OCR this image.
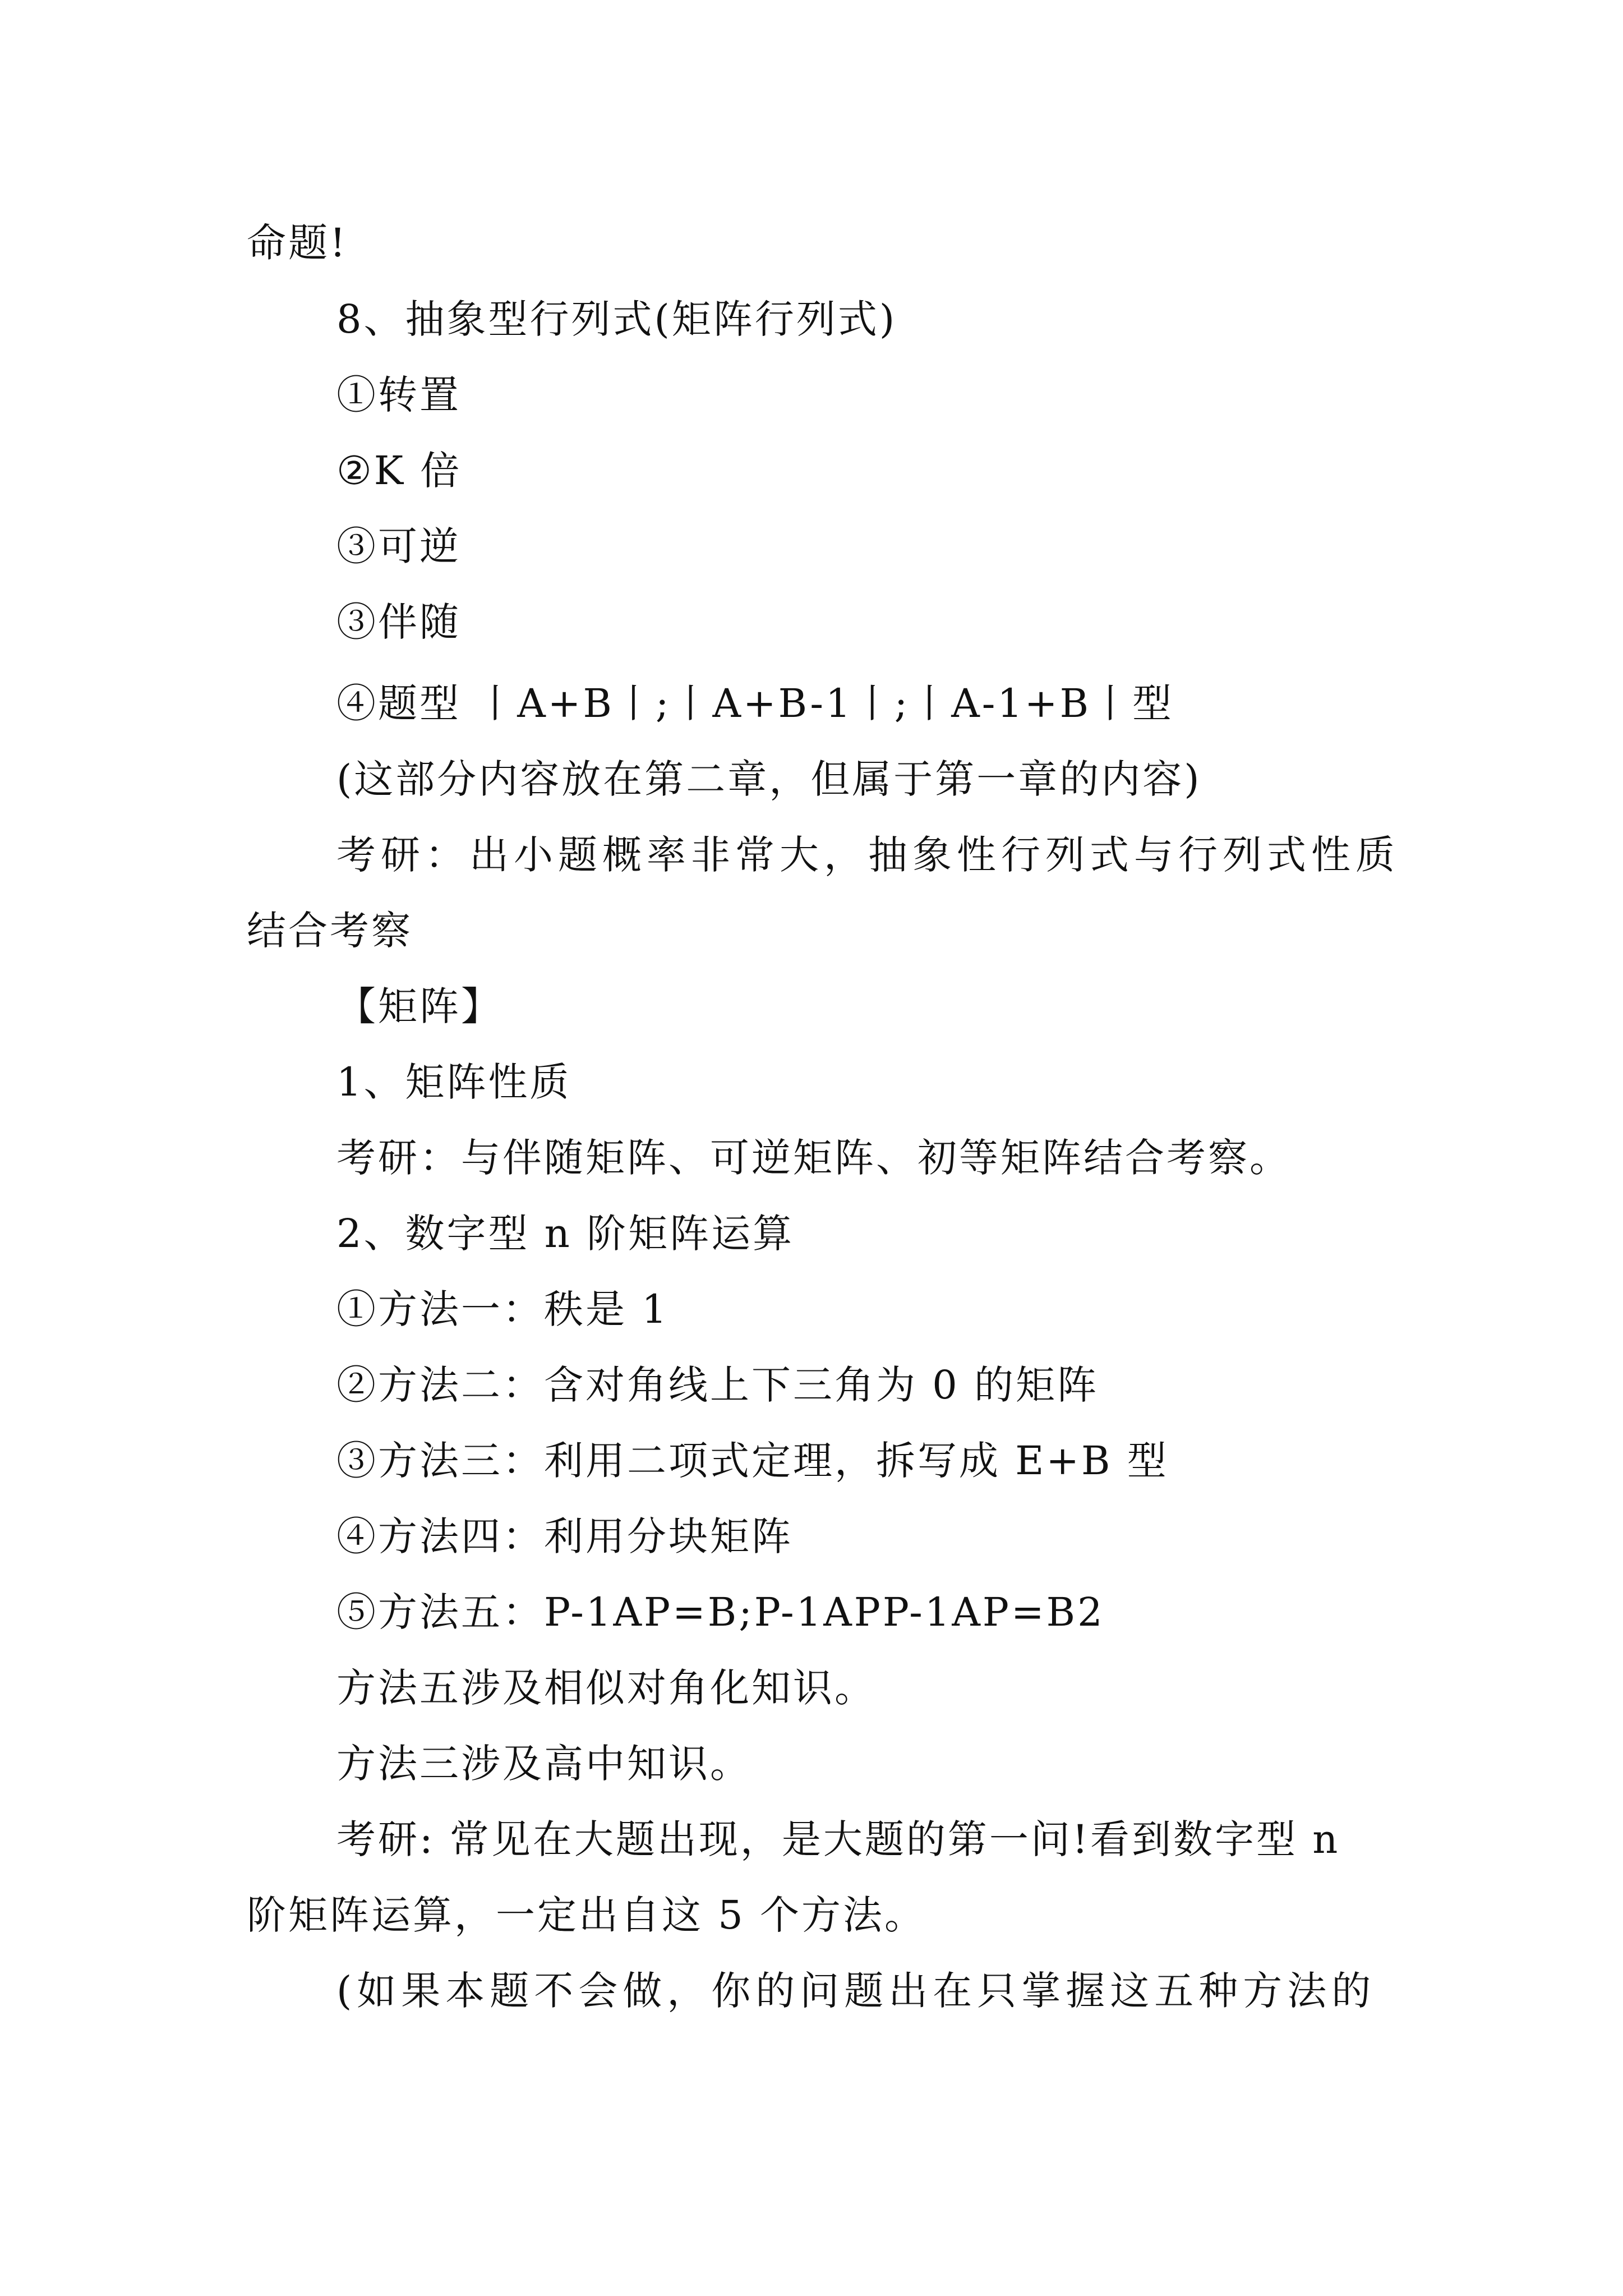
命题!
8、抽象型行列式(矩阵行列式)
①转置
②K 倍
③可逆
③伴随
④题型 丨A+B丨;丨A+B-1丨;丨A-1+B丨型
(这部分内容放在第二章，但属于第一章的内容)
考研：出小题概率非常大，抽象性行列式与行列式性质
结合考察
【矩阵】
1、矩阵性质
考研：与伴随矩阵、可逆矩阵、初等矩阵结合考察。
2、数字型 n 阶矩阵运算
①方法一：秩是 1
②方法二：含对角线上下三角为 0 的矩阵
③方法三：利用二项式定理，拆写成 E+B 型
④方法四：利用分块矩阵
⑤方法五：P-1AP=B;P-1APP-1AP=B2
方法五涉及相似对角化知识。
方法三涉及高中知识。
考研: 常见在大题出现，是大题的第一问!看到数字型 n
阶矩阵运算，一定出自这 5 个方法。
(如果本题不会做，你的问题出在只掌握这五种方法的
